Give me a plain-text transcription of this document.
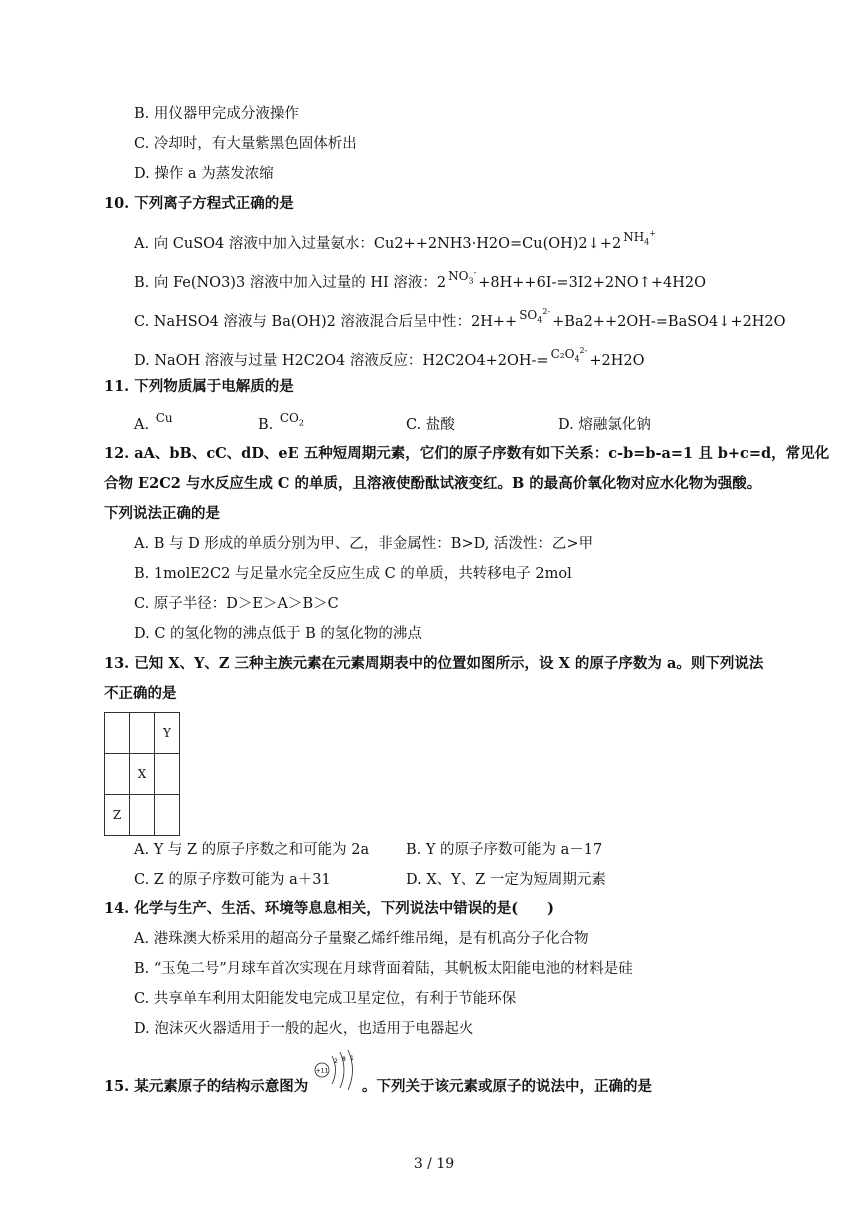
B. 用仪器甲完成分液操作
C. 冷却时，有大量紫黑色固体析出
D. 操作 a 为蒸发浓缩
10. 下列离子方程式正确的是
A. 向 CuSO4 溶液中加入过量氨水：Cu2++2NH3·H2O=Cu(OH)2↓+2 $NH_4^+$
B. 向 Fe(NO3)3 溶液中加入过量的 HI 溶液：2 $NO_3^-+8H++6I-=3I2+2NO↑+4H2O$
C. NaHSO4 溶液与 Ba(OH)2 溶液混合后呈中性：$2H++ SO_4^{2-}+Ba2++2OH-=BaSO4↓+2H2O$
D. NaOH 溶液与过量 H2C2O4 溶液反应：$H2C2O4+2OH-= C_2O_4^{2-}+2H2O$
11. 下列物质属于电解质的是
A. Cu	B. $CO_2$	C. 盐酸	D. 熔融氯化钠
12. aA、bB、cC、dD、eE 五种短周期元素，它们的原子序数有如下关系：c-b=b-a=1 且 b+c=d，常见化
合物 E2C2 与水反应生成 C 的单质，且溶液使酚酞试液变红。B 的最高价氧化物对应水化物为强酸。
下列说法正确的是
A. B 与 D 形成的单质分别为甲、乙，非金属性：B>D, 活泼性：乙>甲
B. 1molE2C2 与足量水完全反应生成 C 的单质，共转移电子 2mol
C. 原子半径：D＞E＞A＞B＞C
D. C 的氢化物的沸点低于 B 的氢化物的沸点
13. 已知 X、Y、Z 三种主族元素在元素周期表中的位置如图所示，设 X 的原子序数为 a。则下列说法
不正确的是
		Y
	X	
Z		
A. Y 与 Z 的原子序数之和可能为 2a	B. Y 的原子序数可能为 a－17
C. Z 的原子序数可能为 a＋31	D. X、Y、Z 一定为短周期元素
14. 化学与生产、生活、环境等息息相关，下列说法中错误的是(　　)
A. 港珠澳大桥采用的超高分子量聚乙烯纤维吊绳，是有机高分子化合物
B. “玉兔二号”月球车首次实现在月球背面着陆，其帆板太阳能电池的材料是硅
C. 共享单车利用太阳能发电完成卫星定位，有利于节能环保
D. 泡沫灭火器适用于一般的起火，也适用于电器起火
15. 某元素原子的结构示意图为
+11
2 8 1
。下列关于该元素或原子的说法中，正确的是
3 / 19
